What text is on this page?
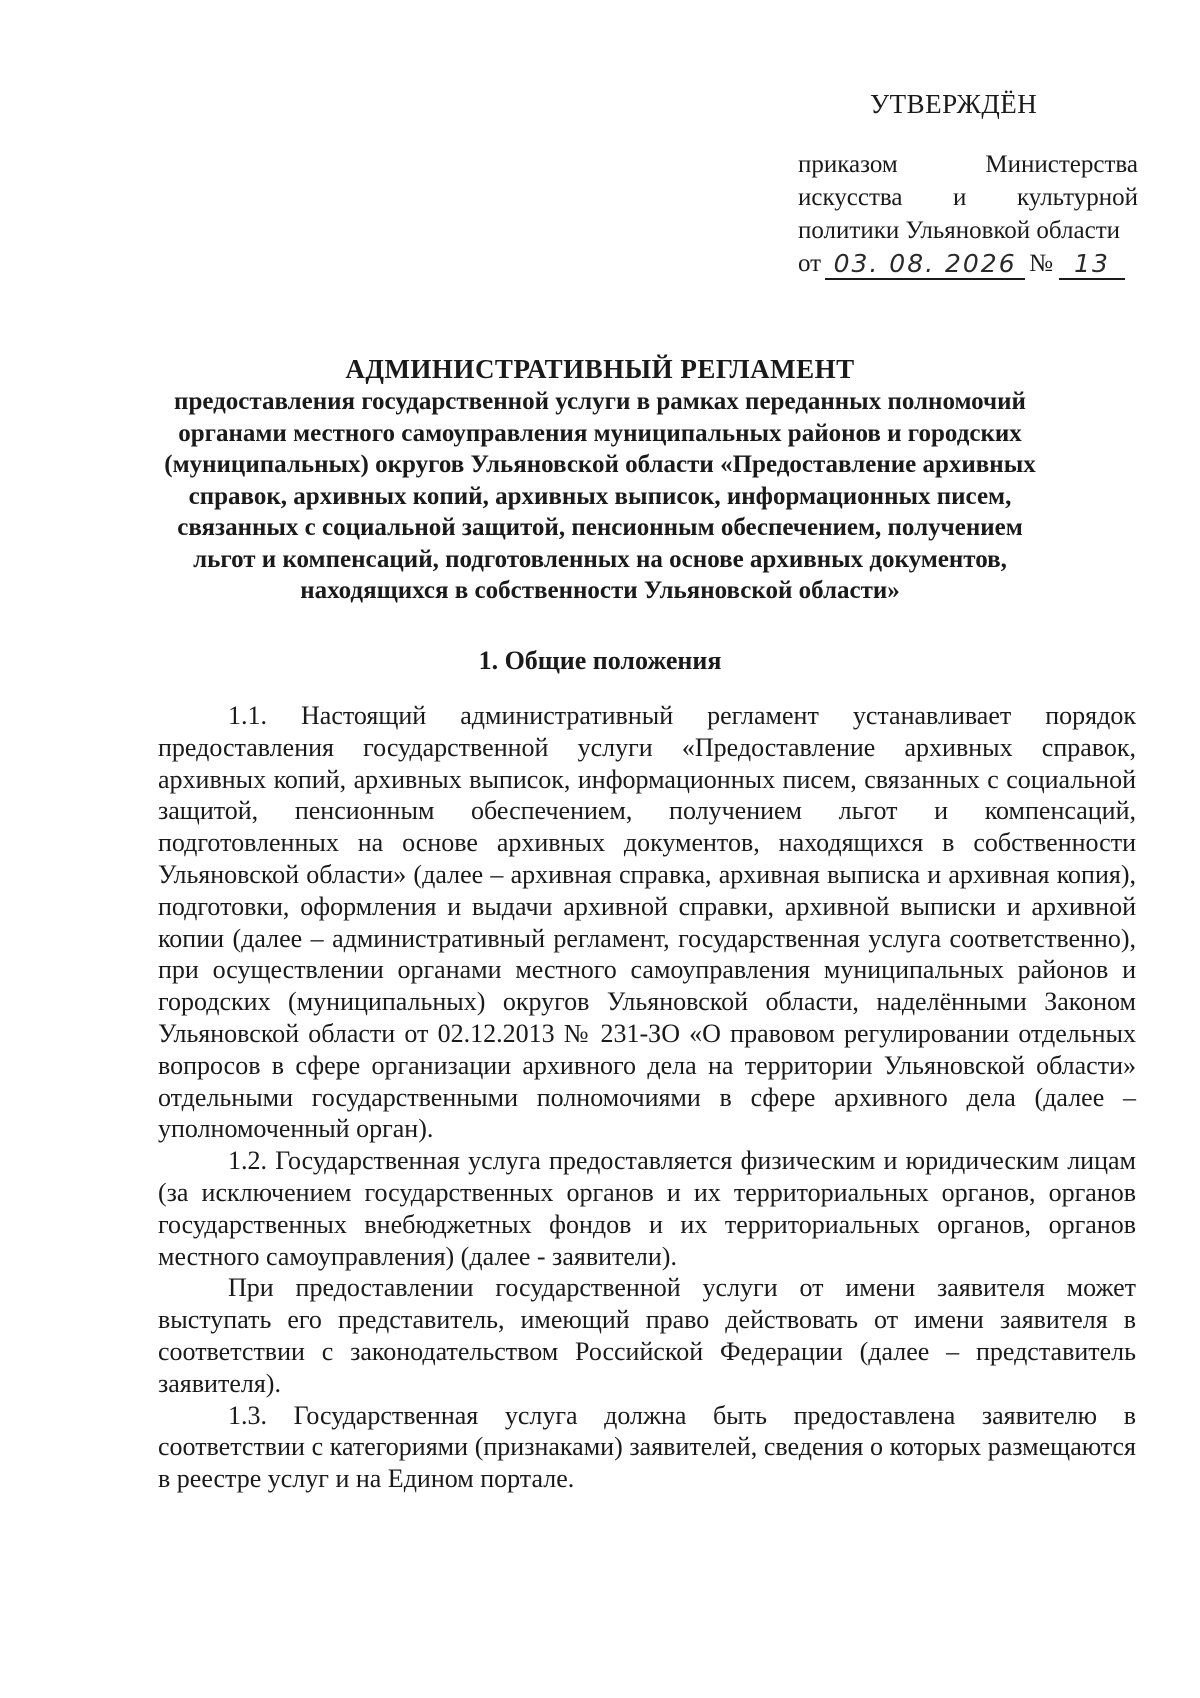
УТВЕРЖДЁН
приказом	Министерства
искусства и культурной
политики Ульяновкой области
от 03. 08. 2026 № 13
АДМИНИСТРАТИВНЫЙ РЕГЛАМЕНТ
предоставления государственной услуги в рамках переданных полномочий
органами местного самоуправления муниципальных районов и городских
(муниципальных) округов Ульяновской области «Предоставление архивных
справок, архивных копий, архивных выписок, информационных писем,
связанных с социальной защитой, пенсионным обеспечением, получением
льгот и компенсаций, подготовленных на основе архивных документов,
находящихся в собственности Ульяновской области»
1. Общие положения

1.1. Настоящий административный регламент устанавливает порядок предоставления государственной услуги «Предоставление архивных справок, архивных копий, архивных выписок, информационных писем, связанных с социальной защитой, пенсионным обеспечением, получением льгот и компенсаций, подготовленных на основе архивных документов, находящихся в собственности Ульяновской области» (далее – архивная справка, архивная выписка и архивная копия), подготовки, оформления и выдачи архивной справки, архивной выписки и архивной копии (далее – административный регламент, государственная услуга соответственно), при осуществлении органами местного самоуправления муниципальных районов и городских (муниципальных) округов Ульяновской области, наделёнными Законом Ульяновской области от 02.12.2013 № 231-ЗО «О правовом регулировании отдельных вопросов в сфере организации архивного дела на территории Ульяновской области» отдельными государственными полномочиями в сфере архивного дела (далее – уполномоченный орган).

1.2. Государственная услуга предоставляется физическим и юридическим лицам (за исключением государственных органов и их территориальных органов, органов государственных внебюджетных фондов и их территориальных органов, органов местного самоуправления) (далее - заявители).

При предоставлении государственной услуги от имени заявителя может выступать его представитель, имеющий право действовать от имени заявителя в соответствии с законодательством Российской Федерации (далее – представитель заявителя).

1.3. Государственная услуга должна быть предоставлена заявителю в соответствии с категориями (признаками) заявителей, сведения о которых размещаются в реестре услуг и на Едином портале.
